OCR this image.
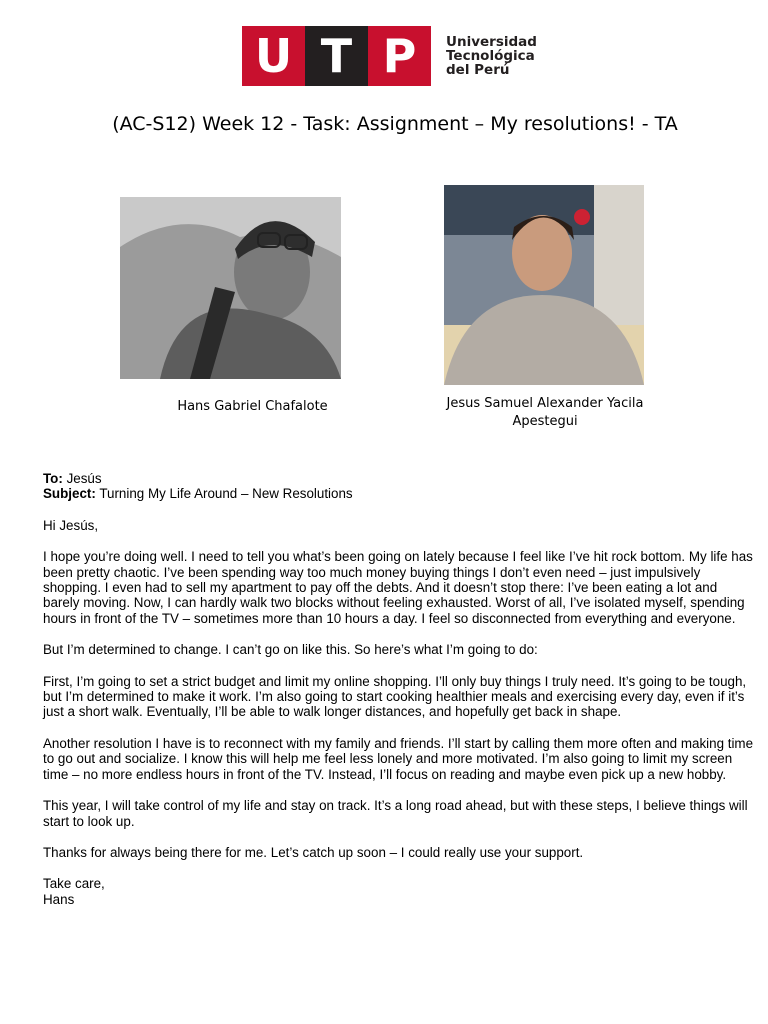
U T P	Universidad
Tecnológica
del Perú
(AC-S12) Week 12 - Task: Assignment – My resolutions! - TA
Hans Gabriel Chafalote	Jesus Samuel Alexander Yacila Apestegui
To: Jesús
Subject: Turning My Life Around – New Resolutions

Hi Jesús,

I hope you’re doing well. I need to tell you what’s been going on lately because I feel like I’ve hit rock bottom. My life has been pretty chaotic. I’ve been spending way too much money buying things I don’t even need – just impulsively shopping. I even had to sell my apartment to pay off the debts. And it doesn’t stop there: I’ve been eating a lot and barely moving. Now, I can hardly walk two blocks without feeling exhausted. Worst of all, I’ve isolated myself, spending hours in front of the TV – sometimes more than 10 hours a day. I feel so disconnected from everything and everyone.

But I’m determined to change. I can’t go on like this. So here’s what I’m going to do:

First, I’m going to set a strict budget and limit my online shopping. I’ll only buy things I truly need. It’s going to be tough, but I’m determined to make it work. I’m also going to start cooking healthier meals and exercising every day, even if it’s just a short walk. Eventually, I’ll be able to walk longer distances, and hopefully get back in shape.

Another resolution I have is to reconnect with my family and friends. I’ll start by calling them more often and making time to go out and socialize. I know this will help me feel less lonely and more motivated. I’m also going to limit my screen time – no more endless hours in front of the TV. Instead, I’ll focus on reading and maybe even pick up a new hobby.

This year, I will take control of my life and stay on track. It’s a long road ahead, but with these steps, I believe things will start to look up.

Thanks for always being there for me. Let’s catch up soon – I could really use your support.

Take care,
Hans
